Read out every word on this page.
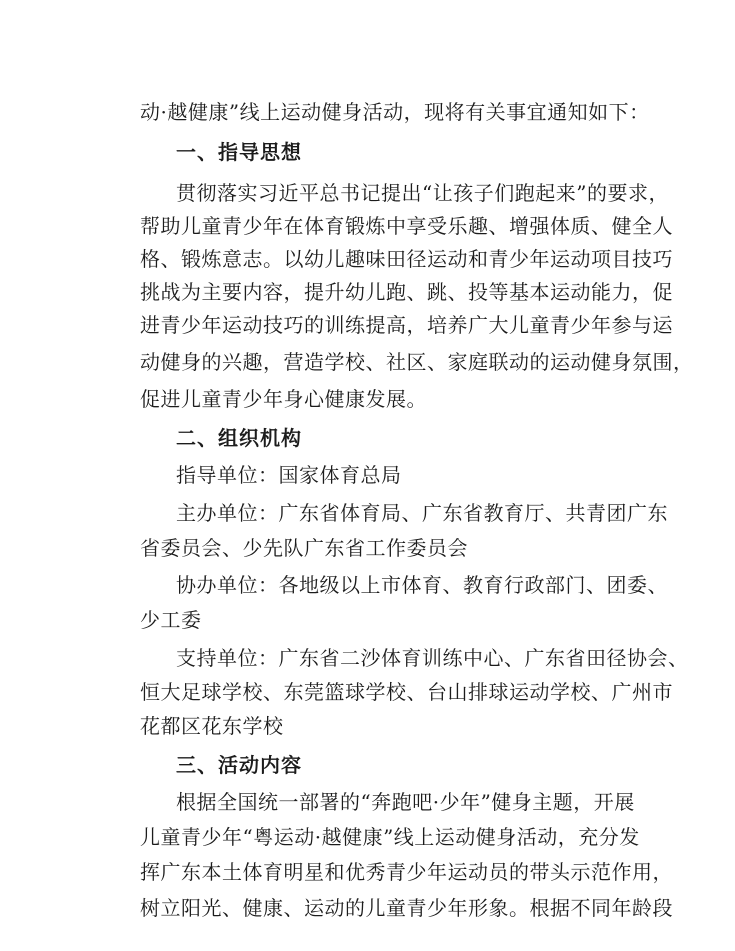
动·越健康”线上运动健身活动，现将有关事宜通知如下：
一、指导思想
贯彻落实习近平总书记提出“让孩子们跑起来”的要求，
帮助儿童青少年在体育锻炼中享受乐趣、增强体质、健全人
格、锻炼意志。以幼儿趣味田径运动和青少年运动项目技巧
挑战为主要内容，提升幼儿跑、跳、投等基本运动能力，促
进青少年运动技巧的训练提高，培养广大儿童青少年参与运
动健身的兴趣，营造学校、社区、家庭联动的运动健身氛围，
促进儿童青少年身心健康发展。
二、组织机构
指导单位：国家体育总局
主办单位：广东省体育局、广东省教育厅、共青团广东
省委员会、少先队广东省工作委员会
协办单位：各地级以上市体育、教育行政部门、团委、
少工委
支持单位：广东省二沙体育训练中心、广东省田径协会、
恒大足球学校、东莞篮球学校、台山排球运动学校、广州市
花都区花东学校
三、活动内容
根据全国统一部署的“奔跑吧·少年”健身主题，开展
儿童青少年“粤运动·越健康”线上运动健身活动，充分发
挥广东本土体育明星和优秀青少年运动员的带头示范作用，
树立阳光、健康、运动的儿童青少年形象。根据不同年龄段
